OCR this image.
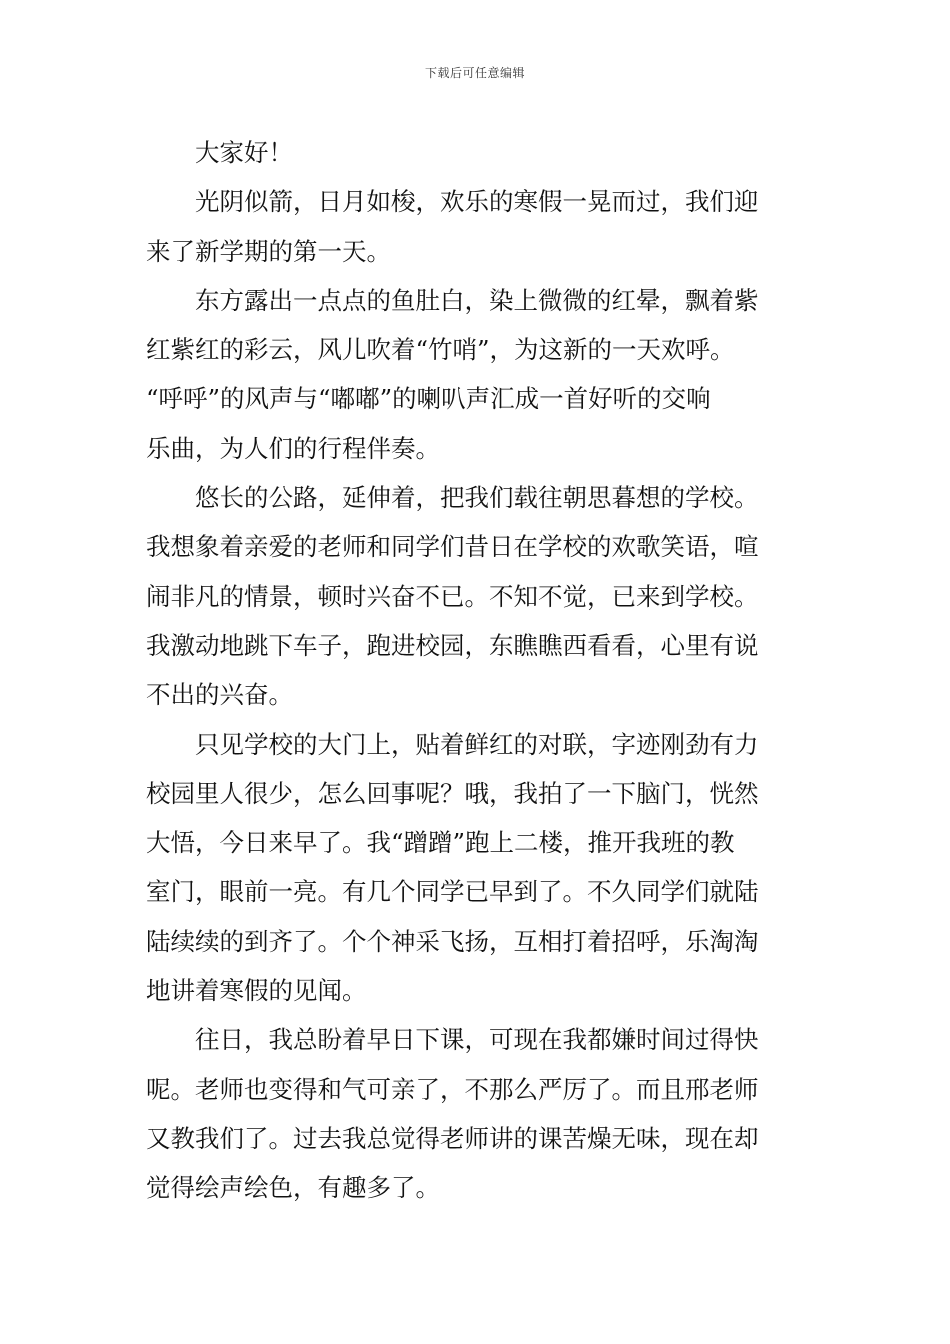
下载后可任意编辑

大家好！

光阴似箭，日月如梭，欢乐的寒假一晃而过，我们迎
来了新学期的第一天。

东方露出一点点的鱼肚白，染上微微的红晕，飘着紫
红紫红的彩云，风儿吹着“竹哨”，为这新的一天欢呼。
“呼呼”的风声与“嘟嘟”的喇叭声汇成一首好听的交响
乐曲，为人们的行程伴奏。

悠长的公路，延伸着，把我们载往朝思暮想的学校。
我想象着亲爱的老师和同学们昔日在学校的欢歌笑语，喧
闹非凡的情景，顿时兴奋不已。不知不觉，已来到学校。
我激动地跳下车子，跑进校园，东瞧瞧西看看，心里有说
不出的兴奋。

只见学校的大门上，贴着鲜红的对联，字迹刚劲有力
校园里人很少，怎么回事呢？哦，我拍了一下脑门，恍然
大悟，今日来早了。我“蹭蹭”跑上二楼，推开我班的教
室门，眼前一亮。有几个同学已早到了。不久同学们就陆
陆续续的到齐了。个个神采飞扬，互相打着招呼，乐淘淘
地讲着寒假的见闻。

往日，我总盼着早日下课，可现在我都嫌时间过得快
呢。老师也变得和气可亲了，不那么严厉了。而且邢老师
又教我们了。过去我总觉得老师讲的课苦燥无味，现在却
觉得绘声绘色，有趣多了。
